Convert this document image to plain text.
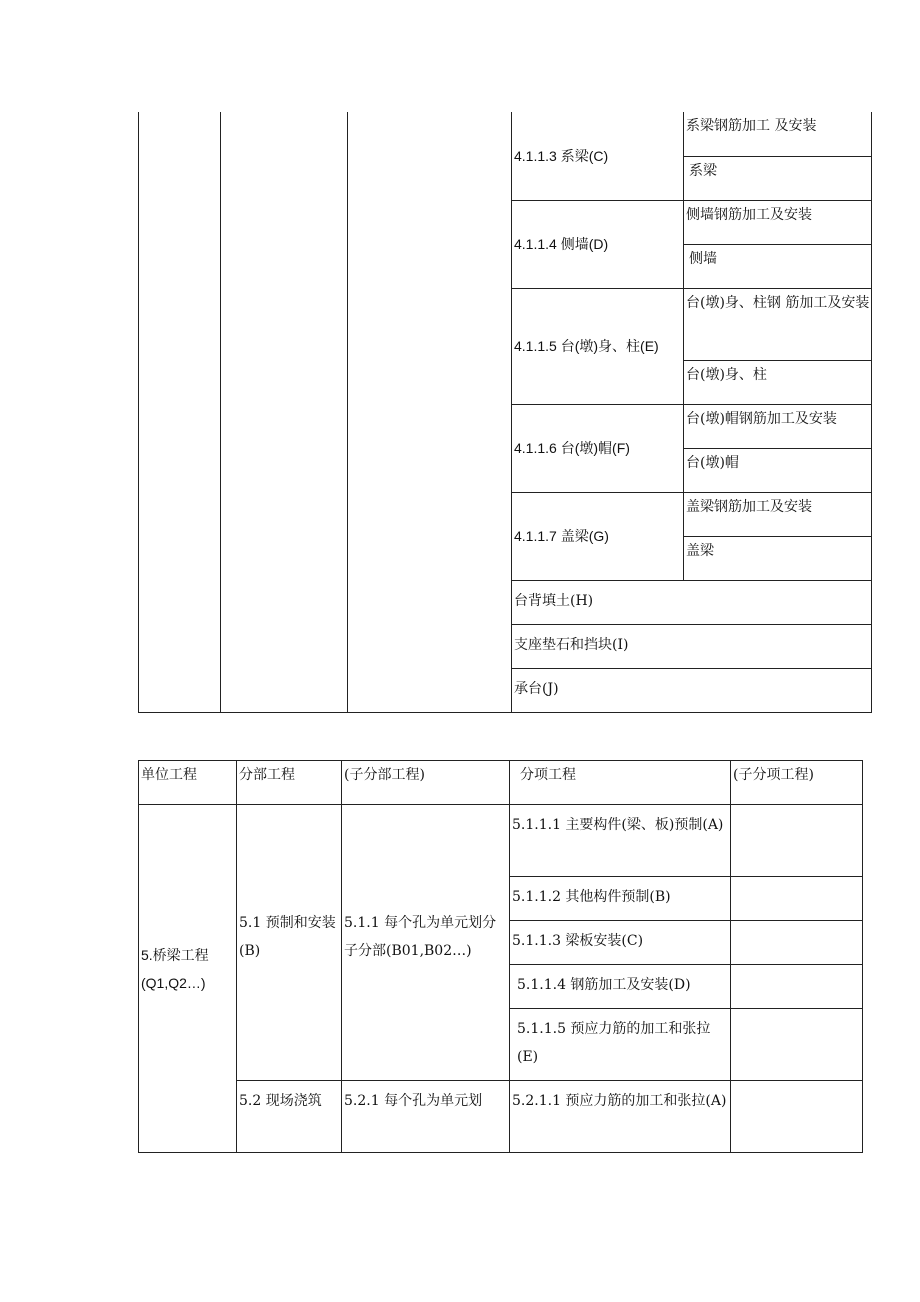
			4.1.1.3 系梁(C)	系梁钢筋加工 及安装
				系梁
			4.1.1.4 侧墙(D)	侧墙钢筋加工及安装
				侧墙
			4.1.1.5 台(墩)身、柱(E)	台(墩)身、柱钢 筋加工及安装
				台(墩)身、柱
			4.1.1.6 台(墩)帽(F)	台(墩)帽钢筋加工及安装
				台(墩)帽
			4.1.1.7 盖梁(G)	盖梁钢筋加工及安装
				盖梁
			台背填土(H)	
			支座垫石和挡块(I)	
			承台(J)	
单位工程	分部工程	(子分部工程)	分项工程	(子分项工程)
5.桥梁工程(Q1,Q2…)	5.1 预制和安装(B)	5.1.1 每个孔为单元划分子分部(B01,B02…)	5.1.1.1 主要构件(梁、板)预制(A)	
			5.1.1.2 其他构件预制(B)	
			5.1.1.3 梁板安装(C)	
			5.1.1.4 钢筋加工及安装(D)	
			5.1.1.5 预应力筋的加工和张拉(E)	
	5.2 现场浇筑	5.2.1 每个孔为单元划	5.2.1.1 预应力筋的加工和张拉(A)	
